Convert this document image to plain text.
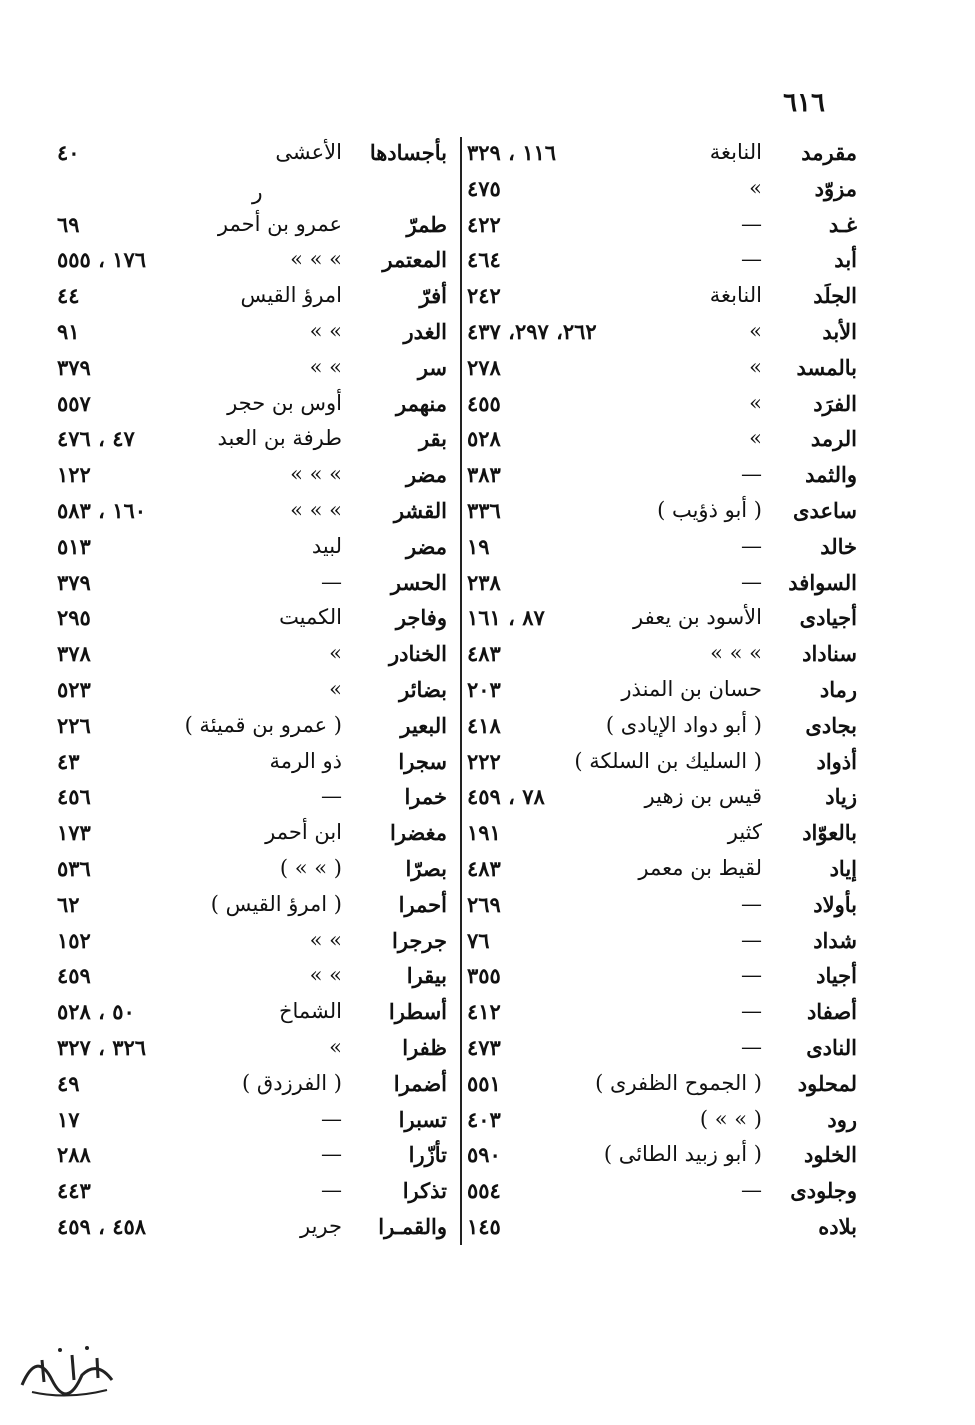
٦١٦
مقرمد
النابغة
١١٦ ، ٣٢٩
مزوّد
»
٤٧٥
غـد
—
٤٢٢
أبد
—
٤٦٤
الجلَد
النابغة
٢٤٢
الأبد
»
٢٦٢، ٢٩٧، ٤٣٧
بالمسد
»
٢٧٨
الفرَد
»
٤٥٥
الرمد
»
٥٢٨
والثمد
—
٣٨٣
ساعدى
( أبو ذؤيب )
٣٣٦
خالد
—
١٩
السوافد
—
٢٣٨
أجيادى
الأسود بن يعفر
٨٧ ، ١٦١
سناداد
» » »
٤٨٣
رماد
حسان بن المنذر
٢٠٣
بجادى
( أبو دواد الإيادى )
٤١٨
أذواد
( السليك بن السلكة )
٢٢٢
زياد
قيس بن زهير
٧٨ ، ٤٥٩
بالعوّاد
كثير
١٩١
إياد
لقيط بن معمر
٤٨٣
بأولاد
—
٢٦٩
شداد
—
٧٦
أجياد
—
٣٥٥
أصفاد
—
٤١٢
النادى
—
٤٧٣
لمحلود
( الجموح الظفرى )
٥٥١
رود
( » » )
٤٠٣
الخلود
( أبو زبيد الطائى )
٥٩٠
وجلودى
—
٥٥٤
بلاده
١٤٥
بأجسادها
الأعشى
٤٠
طمرّ
عمرو بن أحمر
٦٩
المعتمر
» » »
١٧٦ ، ٥٥٥
أفرّ
امرؤ القيس
٤٤
الغدر
» »
٩١
سر
» »
٣٧٩
منهمر
أوس بن حجر
٥٥٧
بقر
طرفة بن العبد
٤٧ ، ٤٧٦
مضر
» » »
١٢٢
القشر
» » »
١٦٠ ، ٥٨٣
مضر
لبيد
٥١٣
الحسر
—
٣٧٩
وفاجر
الكميت
٢٩٥
الخنادر
»
٣٧٨
بضائر
»
٥٢٣
البعير
( عمرو بن قميئة )
٢٢٦
سجرا
ذو الرمة
٤٣
خمرا
—
٤٥٦
مغضرا
ابن أحمر
١٧٣
بصرّا
( » » )
٥٣٦
أحمرا
( امرؤ القيس )
٦٢
جرجرا
» »
١٥٢
بيقرا
» »
٤٥٩
أسطرا
الشماخ
٥٠ ، ٥٢٨
ظفرا
»
٣٢٦ ، ٣٢٧
أضمرا
( الفرزدق )
٤٩
تسبرا
—
١٧
تأزّرا
—
٢٨٨
تذكرا
—
٤٤٣
والقمـرا
جرير
٤٥٨ ، ٤٥٩
ر
